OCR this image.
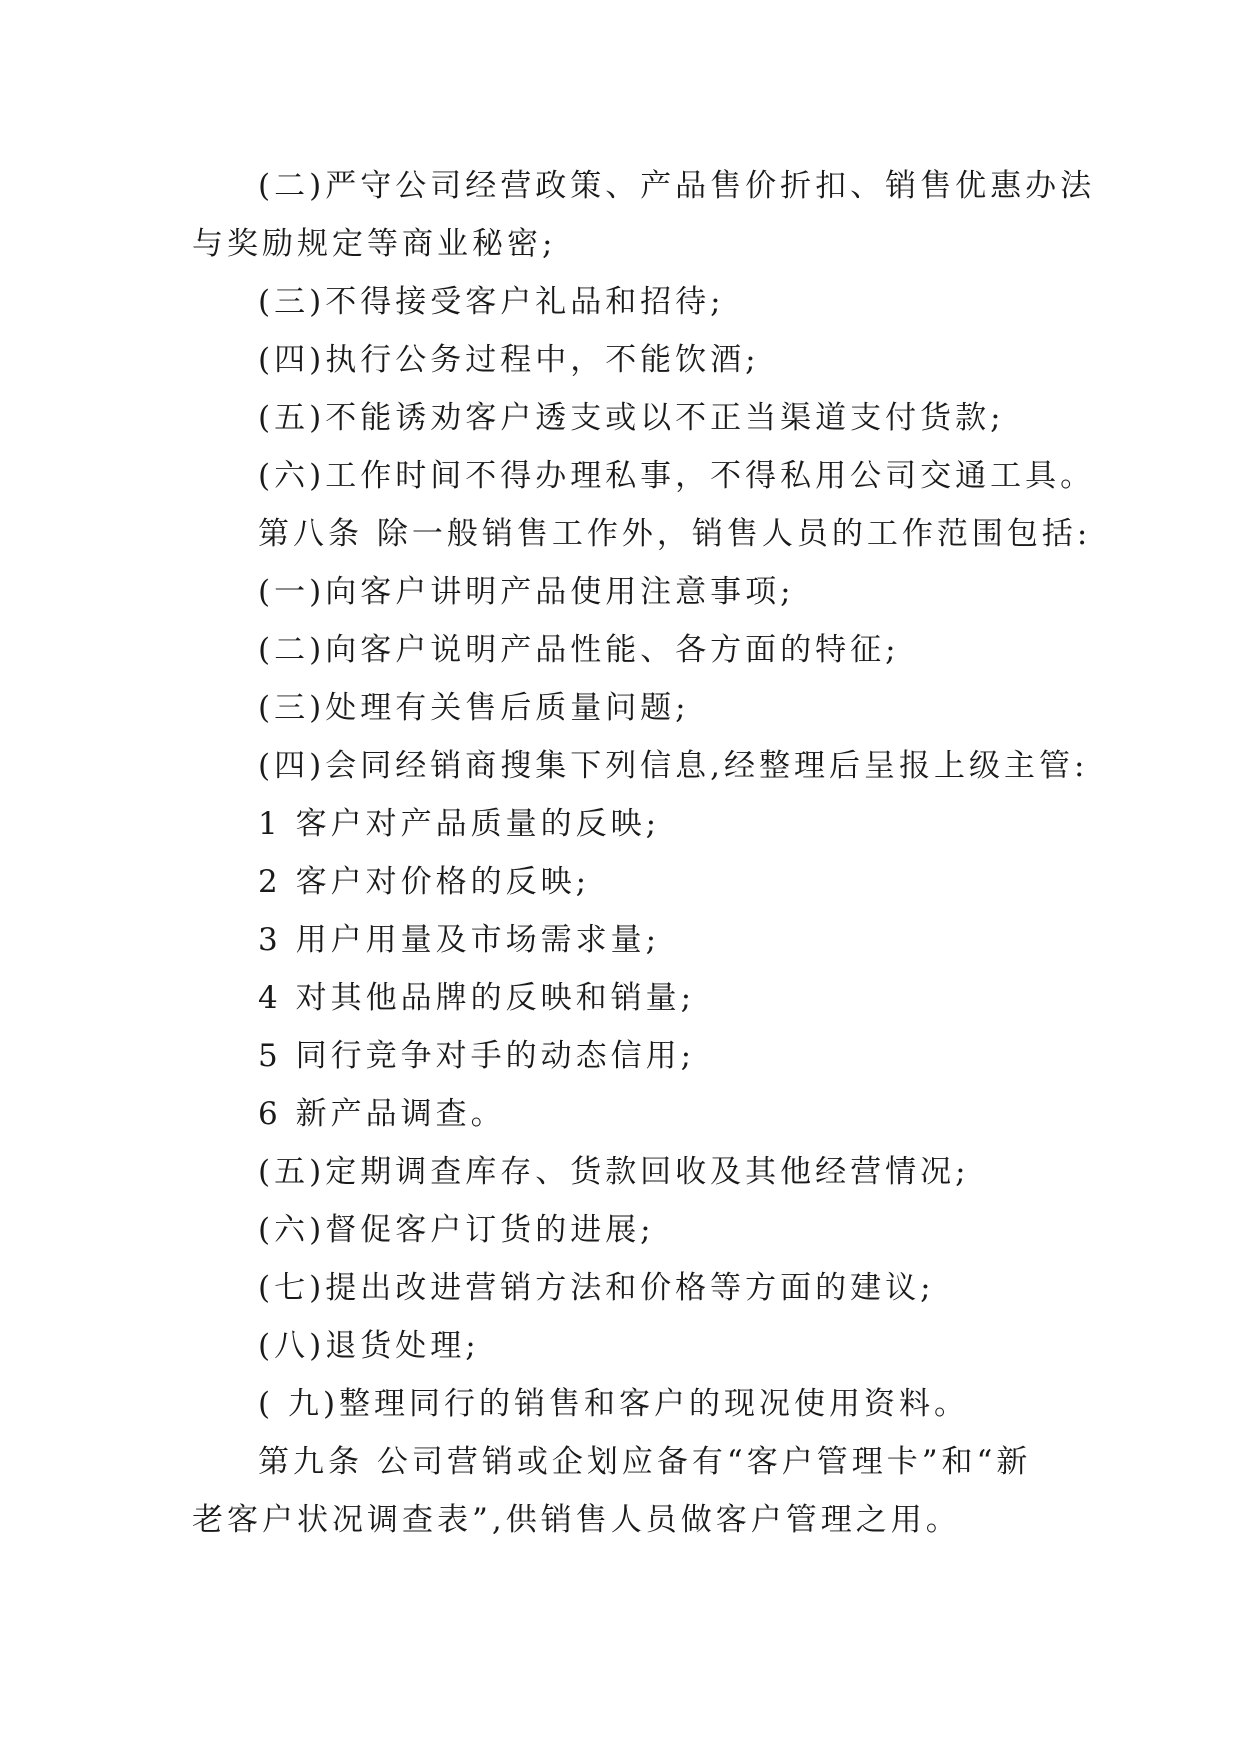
(二)严守公司经营政策、产品售价折扣、销售优惠办法
与奖励规定等商业秘密;
(三)不得接受客户礼品和招待;
(四)执行公务过程中，不能饮酒;
(五)不能诱劝客户透支或以不正当渠道支付货款;
(六)工作时间不得办理私事，不得私用公司交通工具。
第八条 除一般销售工作外，销售人员的工作范围包括:
(一)向客户讲明产品使用注意事项;
(二)向客户说明产品性能、各方面的特征;
(三)处理有关售后质量问题;
(四)会同经销商搜集下列信息,经整理后呈报上级主管:
1 客户对产品质量的反映;
2 客户对价格的反映;
3 用户用量及市场需求量;
4 对其他品牌的反映和销量;
5 同行竞争对手的动态信用;
6 新产品调查。
(五)定期调查库存、货款回收及其他经营情况;
(六)督促客户订货的进展;
(七)提出改进营销方法和价格等方面的建议;
(八)退货处理;
( 九)整理同行的销售和客户的现况使用资料。
第九条 公司营销或企划应备有“客户管理卡”和“新
老客户状况调查表”,供销售人员做客户管理之用。
